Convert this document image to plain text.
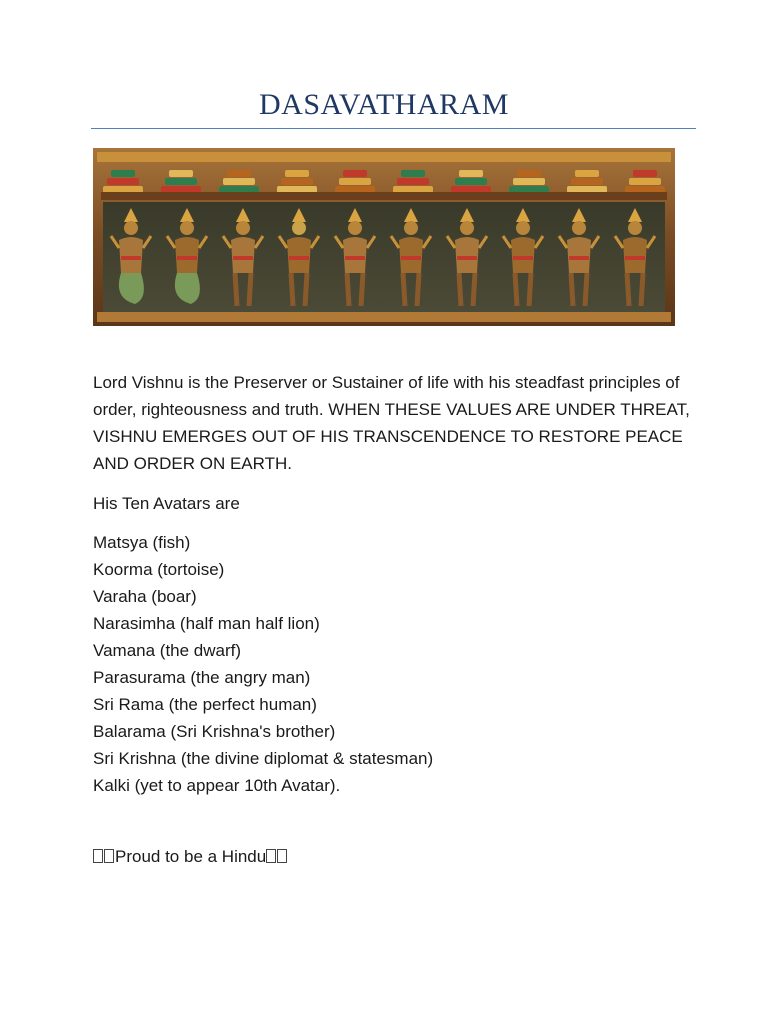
DASAVATHARAM

Lord Vishnu is the Preserver or Sustainer of life with his steadfast principles of order, righteousness and truth. WHEN THESE VALUES ARE UNDER THREAT, VISHNU EMERGES OUT OF HIS TRANSCENDENCE TO RESTORE PEACE AND ORDER ON EARTH.

His Ten Avatars are

Matsya (fish)
Koorma (tortoise)
Varaha (boar)
Narasimha (half man half lion)
Vamana (the dwarf)
Parasurama (the angry man)
Sri Rama (the perfect human)
Balarama (Sri Krishna's brother)
Sri Krishna (the divine diplomat & statesman)
Kalki (yet to appear 10th Avatar).

Proud to be a Hindu
